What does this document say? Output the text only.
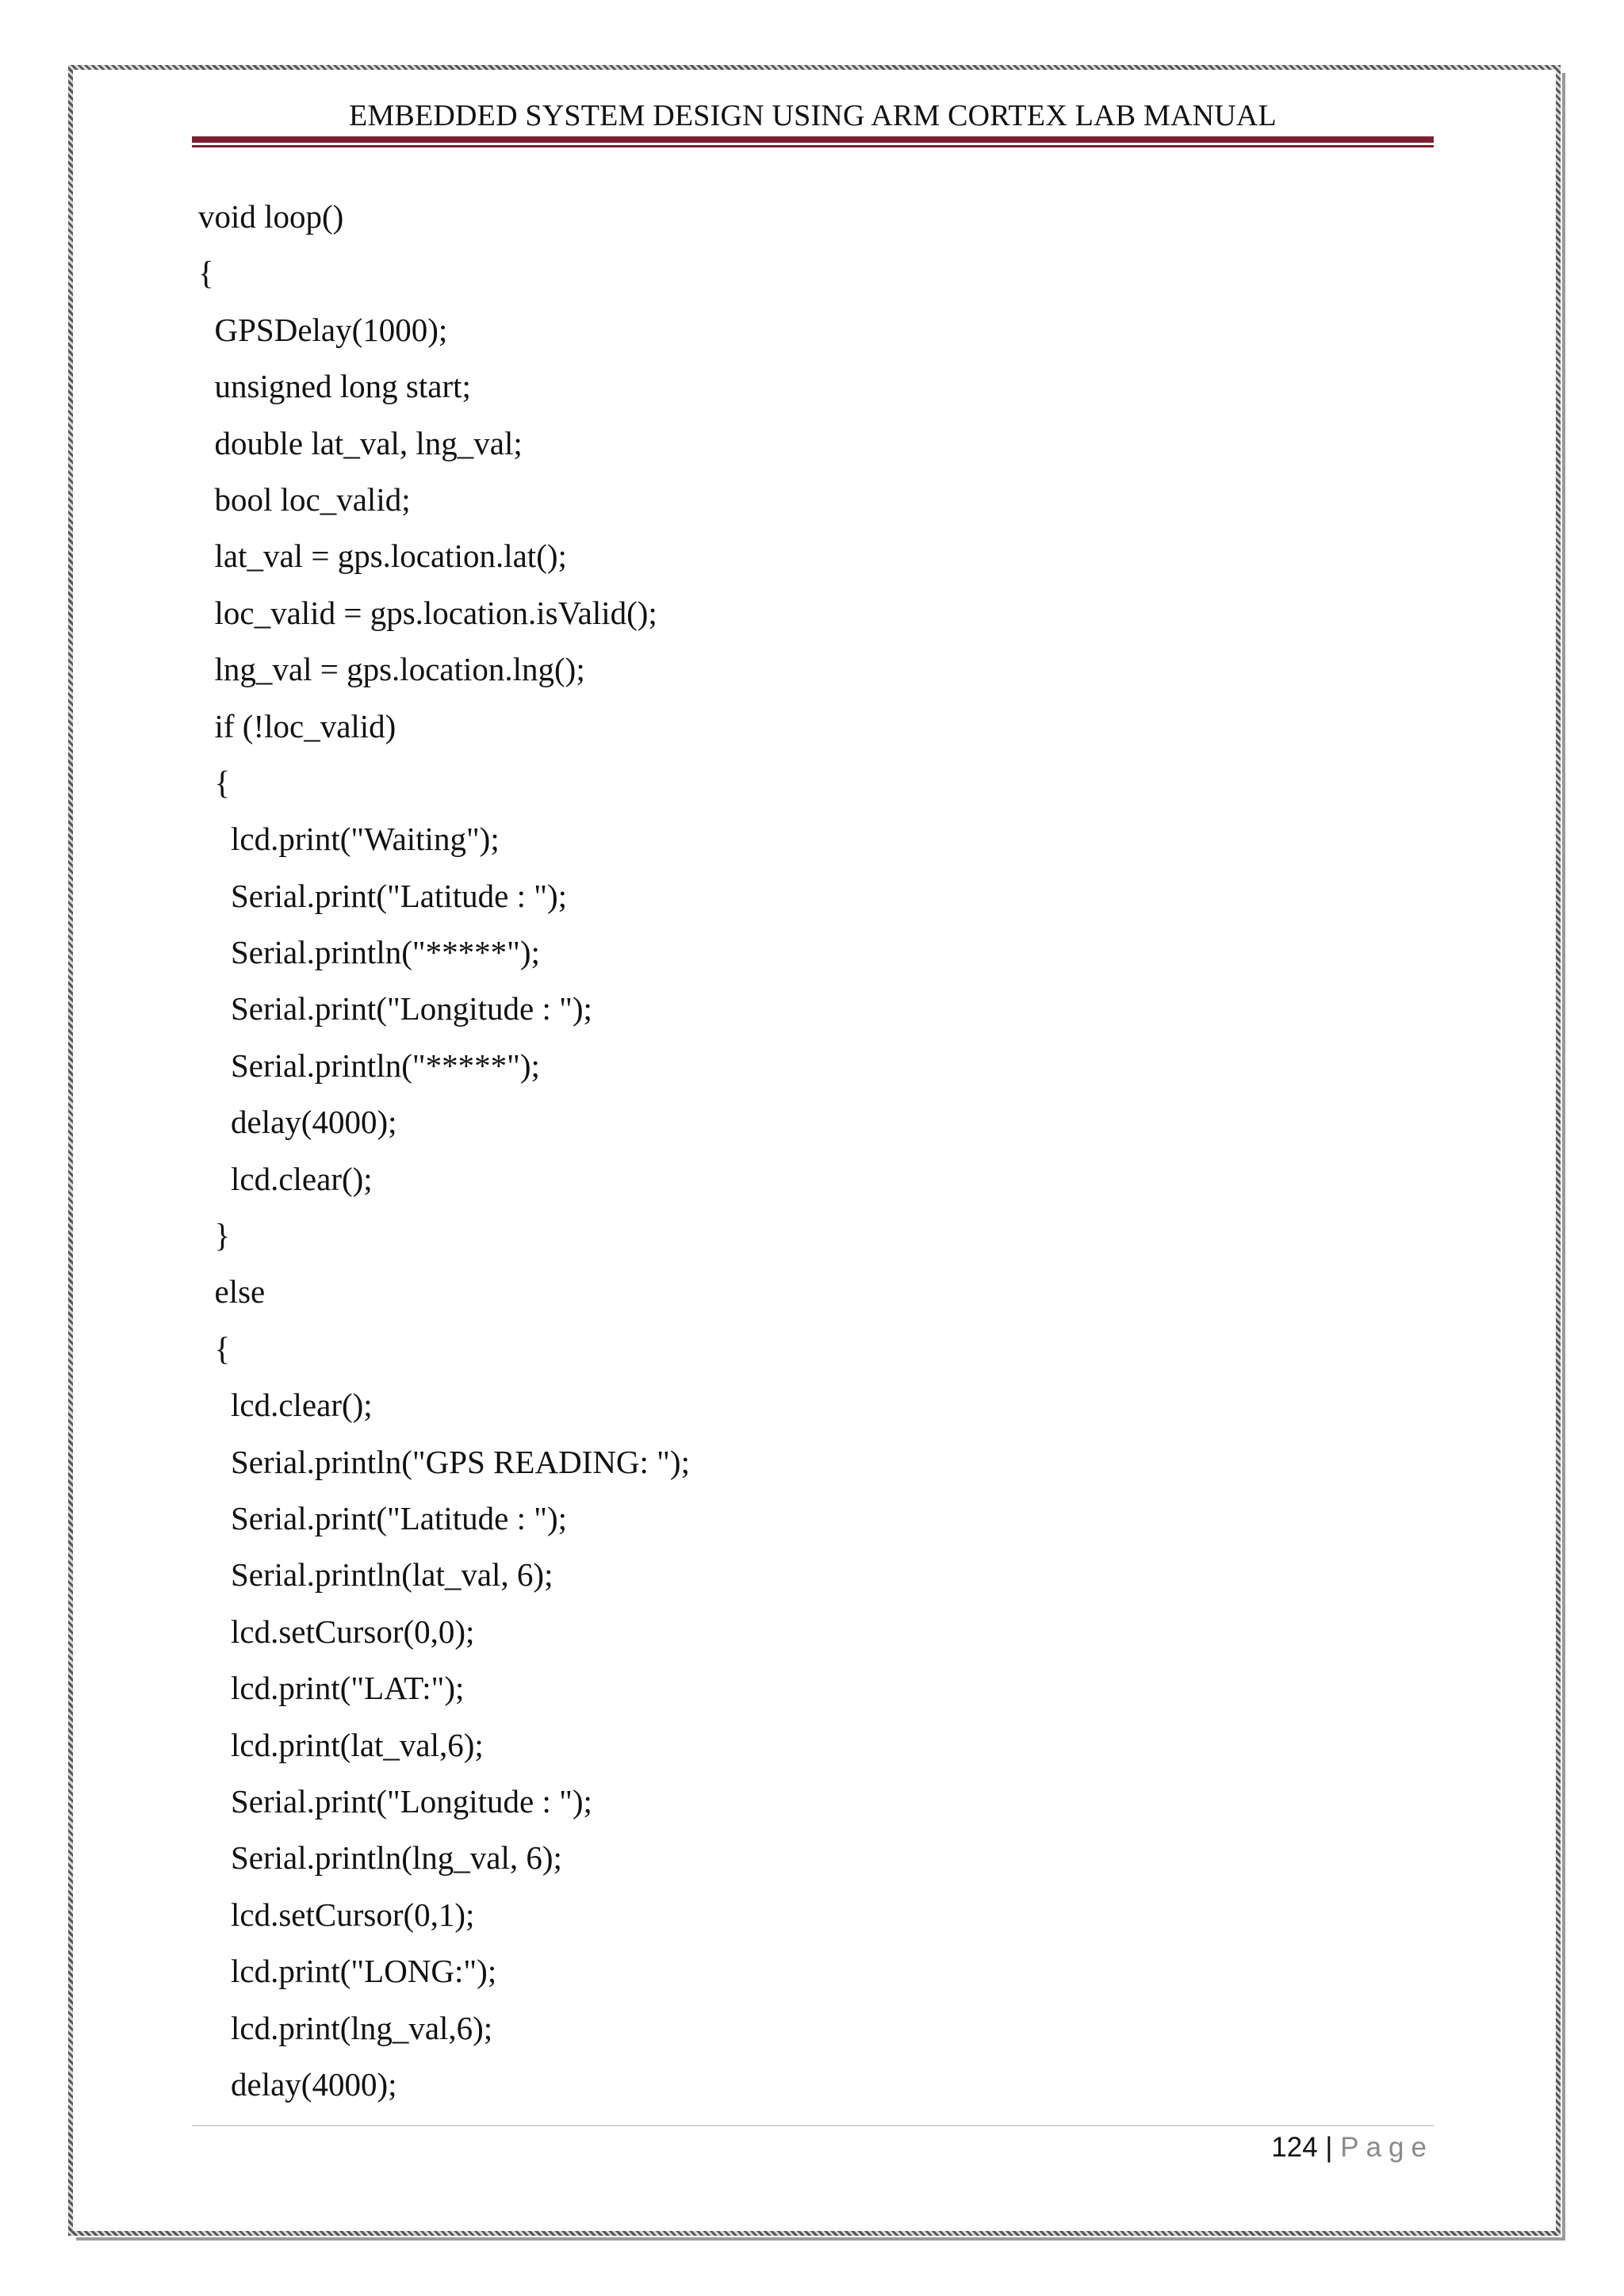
EMBEDDED SYSTEM DESIGN USING ARM CORTEX LAB MANUAL
void loop()
{
GPSDelay(1000);
unsigned long start;
double lat_val, lng_val;
bool loc_valid;
lat_val = gps.location.lat();
loc_valid = gps.location.isValid();
lng_val = gps.location.lng();
if (!loc_valid)
{
lcd.print("Waiting");
Serial.print("Latitude : ");
Serial.println("*****");
Serial.print("Longitude : ");
Serial.println("*****");
delay(4000);
lcd.clear();
}
else
{
lcd.clear();
Serial.println("GPS READING: ");
Serial.print("Latitude : ");
Serial.println(lat_val, 6);
lcd.setCursor(0,0);
lcd.print("LAT:");
lcd.print(lat_val,6);
Serial.print("Longitude : ");
Serial.println(lng_val, 6);
lcd.setCursor(0,1);
lcd.print("LONG:");
lcd.print(lng_val,6);
delay(4000);
124 | Page
